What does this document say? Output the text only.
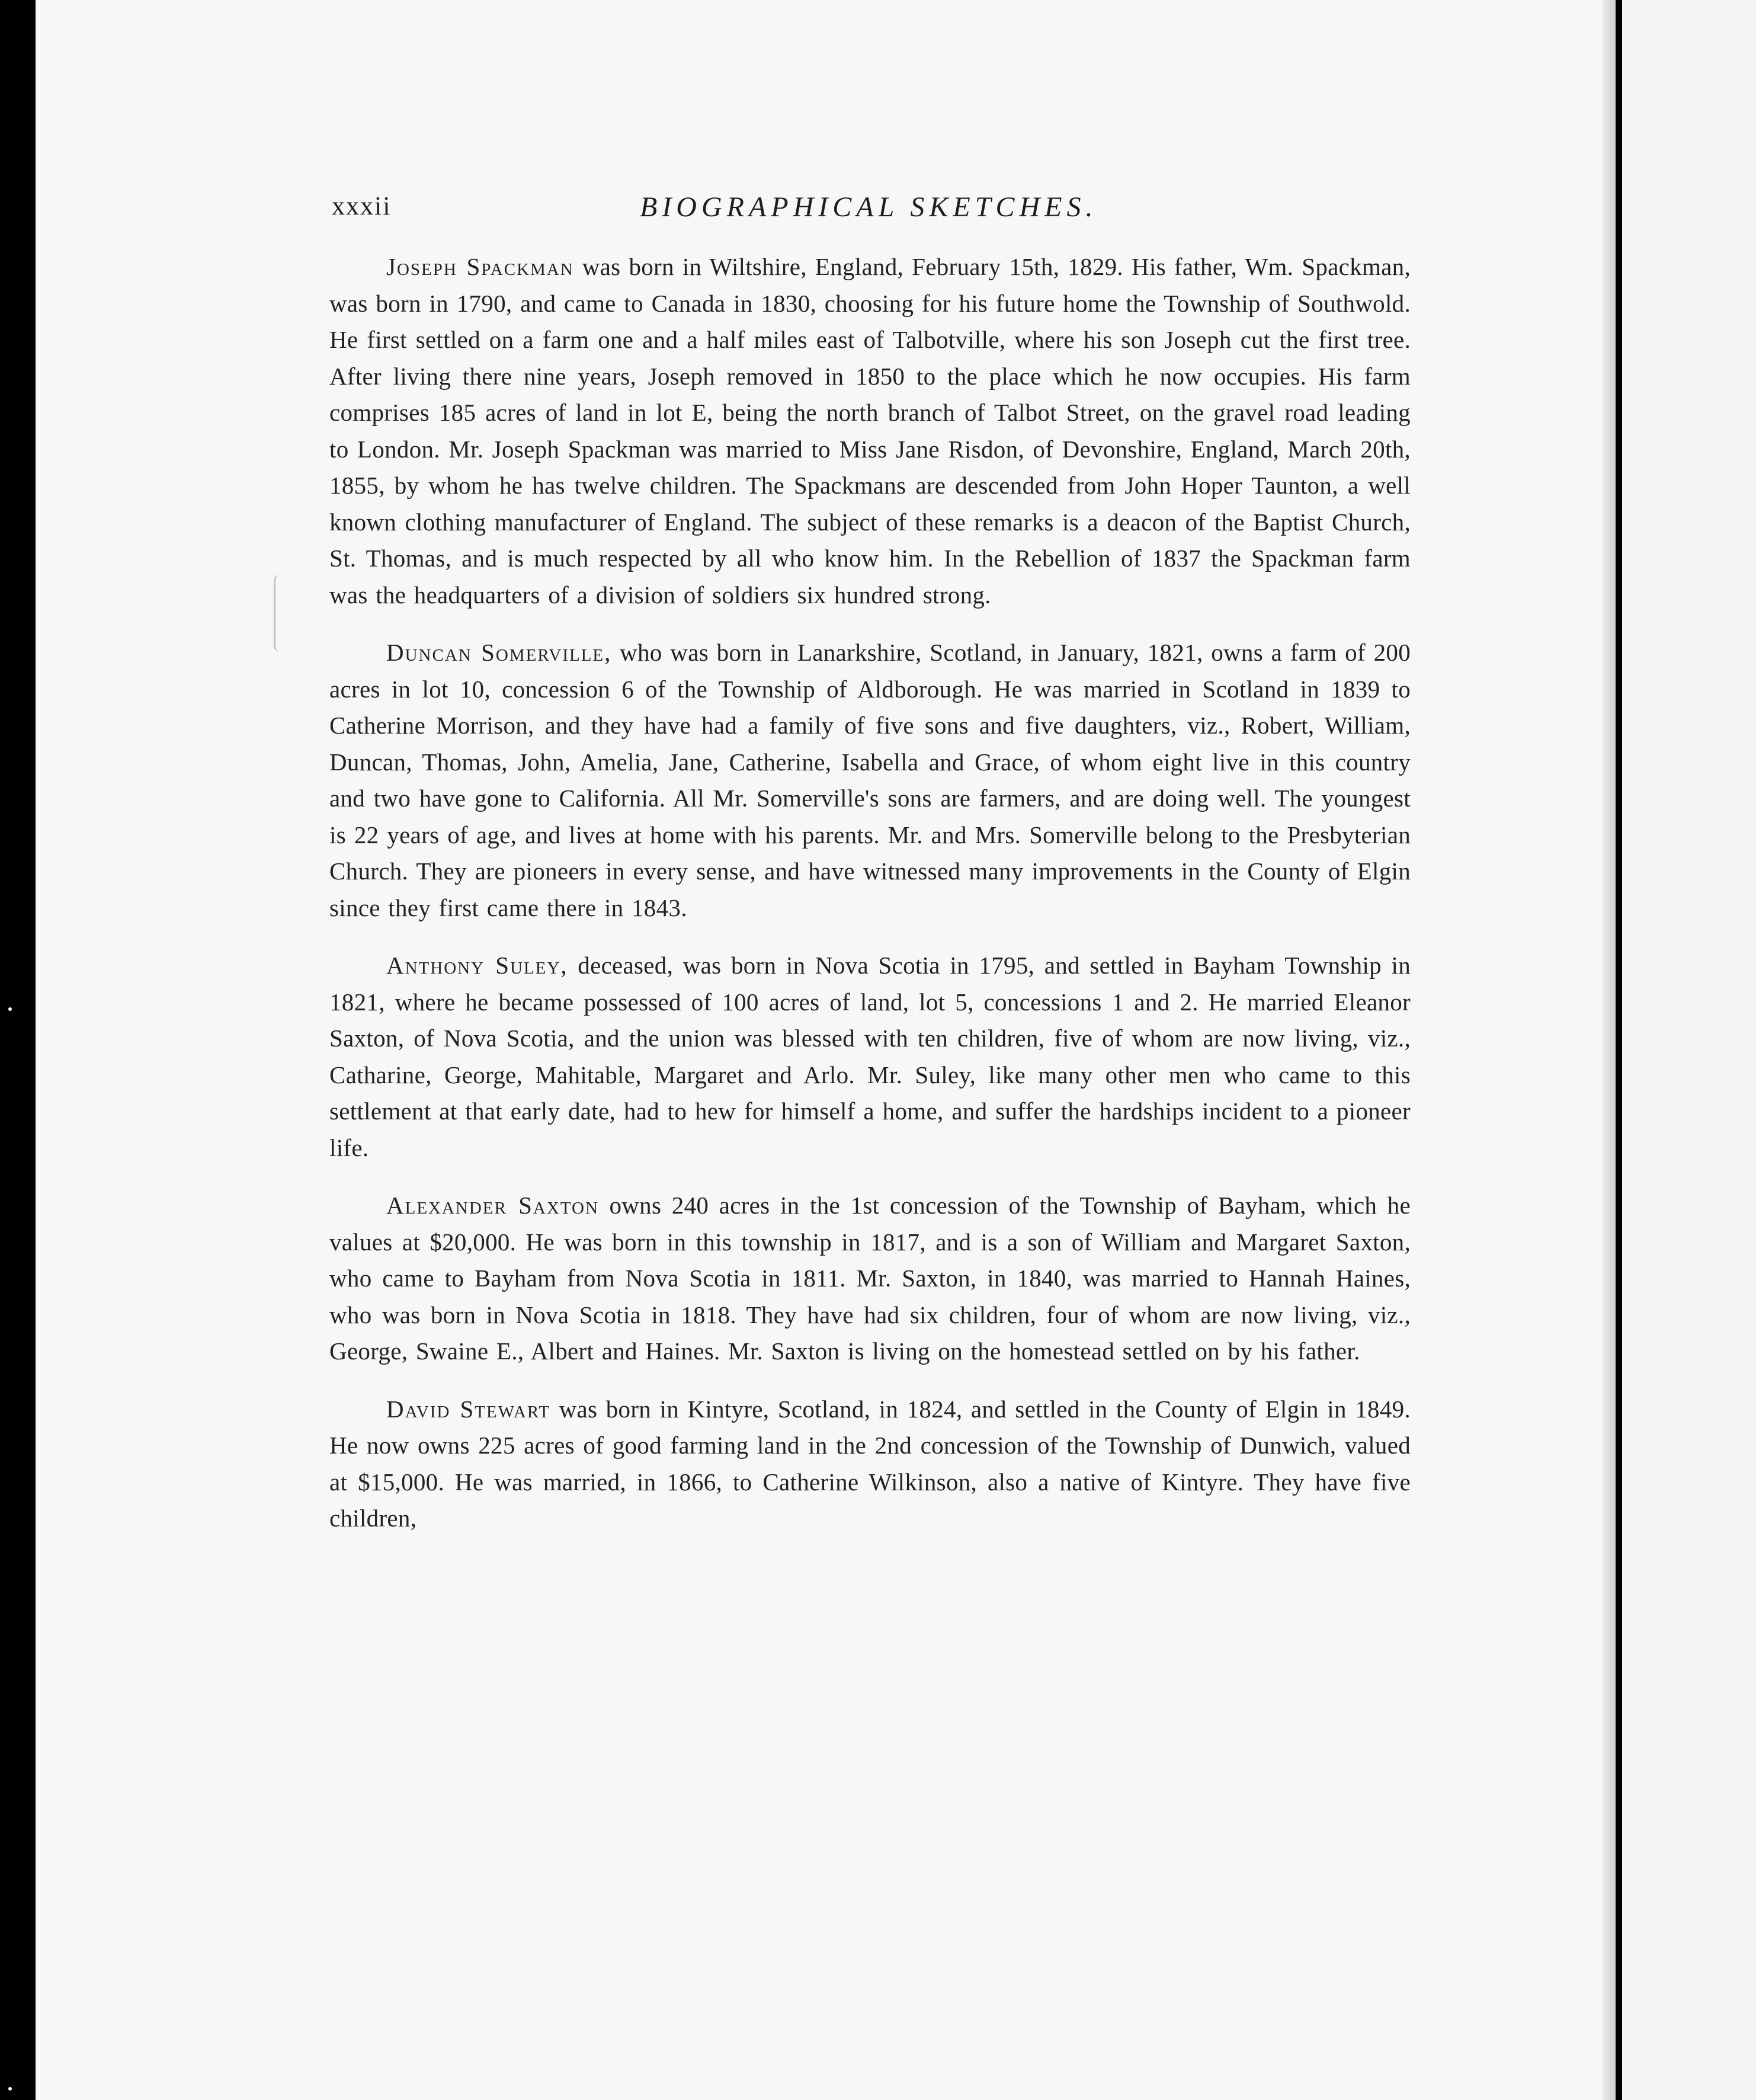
xxxii	BIOGRAPHICAL SKETCHES.

Joseph Spackman was born in Wiltshire, England, February 15th, 1829. His father, Wm. Spackman, was born in 1790, and came to Canada in 1830, choosing for his future home the Township of Southwold. He first settled on a farm one and a half miles east of Talbotville, where his son Joseph cut the first tree. After living there nine years, Joseph removed in 1850 to the place which he now occupies. His farm comprises 185 acres of land in lot E, being the north branch of Talbot Street, on the gravel road leading to London. Mr. Joseph Spackman was married to Miss Jane Risdon, of Devonshire, England, March 20th, 1855, by whom he has twelve children. The Spackmans are descended from John Hoper Taunton, a well known clothing manufacturer of England. The subject of these remarks is a deacon of the Baptist Church, St. Thomas, and is much respected by all who know him. In the Rebellion of 1837 the Spackman farm was the headquarters of a division of soldiers six hundred strong.

Duncan Somerville, who was born in Lanarkshire, Scotland, in January, 1821, owns a farm of 200 acres in lot 10, concession 6 of the Township of Aldborough. He was married in Scotland in 1839 to Catherine Morrison, and they have had a family of five sons and five daughters, viz., Robert, William, Duncan, Thomas, John, Amelia, Jane, Catherine, Isabella and Grace, of whom eight live in this country and two have gone to California. All Mr. Somerville's sons are farmers, and are doing well. The youngest is 22 years of age, and lives at home with his parents. Mr. and Mrs. Somerville belong to the Presbyterian Church. They are pioneers in every sense, and have witnessed many improvements in the County of Elgin since they first came there in 1843.

Anthony Suley, deceased, was born in Nova Scotia in 1795, and settled in Bayham Township in 1821, where he became possessed of 100 acres of land, lot 5, concessions 1 and 2. He married Eleanor Saxton, of Nova Scotia, and the union was blessed with ten children, five of whom are now living, viz., Catharine, George, Mahitable, Margaret and Arlo. Mr. Suley, like many other men who came to this settlement at that early date, had to hew for himself a home, and suffer the hardships incident to a pioneer life.

Alexander Saxton owns 240 acres in the 1st concession of the Township of Bayham, which he values at $20,000. He was born in this township in 1817, and is a son of William and Margaret Saxton, who came to Bayham from Nova Scotia in 1811. Mr. Saxton, in 1840, was married to Hannah Haines, who was born in Nova Scotia in 1818. They have had six children, four of whom are now living, viz., George, Swaine E., Albert and Haines. Mr. Saxton is living on the homestead settled on by his father.

David Stewart was born in Kintyre, Scotland, in 1824, and settled in the County of Elgin in 1849. He now owns 225 acres of good farming land in the 2nd concession of the Township of Dunwich, valued at $15,000. He was married, in 1866, to Catherine Wilkinson, also a native of Kintyre. They have five children,
